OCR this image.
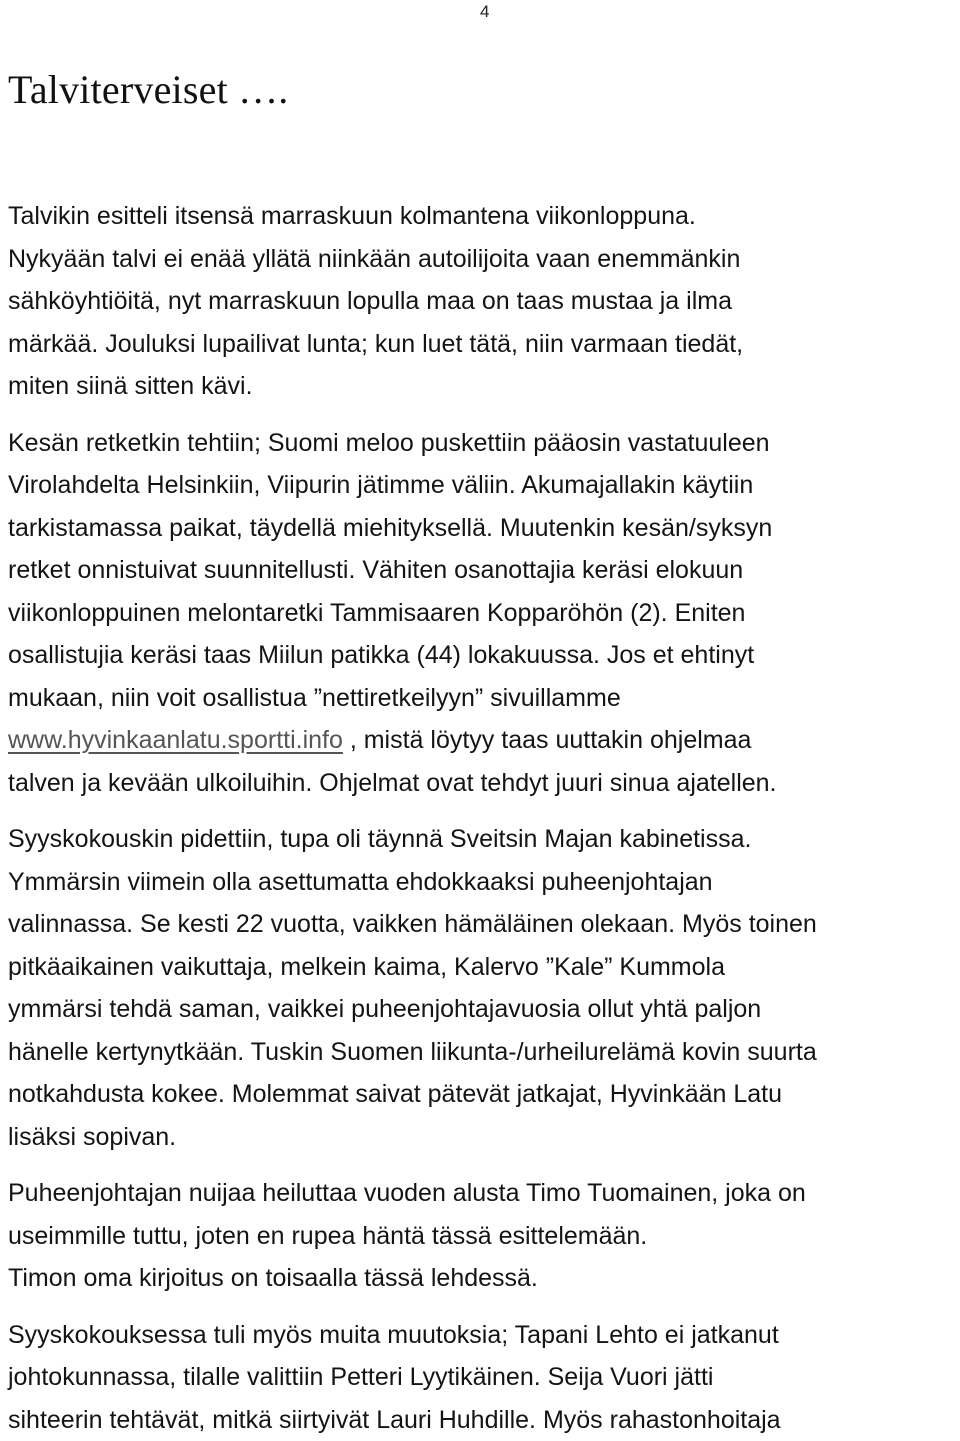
4
Talviterveiset ….

Talvikin esitteli itsensä marraskuun kolmantena viikonloppuna.
Nykyään talvi ei enää yllätä niinkään autoilijoita vaan enemmänkin
sähköyhtiöitä, nyt marraskuun lopulla maa on taas mustaa ja ilma
märkää. Jouluksi lupailivat lunta; kun luet tätä, niin varmaan tiedät,
miten siinä sitten kävi.

Kesän retketkin tehtiin; Suomi meloo puskettiin pääosin vastatuuleen
Virolahdelta Helsinkiin, Viipurin jätimme väliin. Akumajallakin käytiin
tarkistamassa paikat, täydellä miehityksellä. Muutenkin kesän/syksyn
retket onnistuivat suunnitellusti. Vähiten osanottajia keräsi elokuun
viikonloppuinen melontaretki Tammisaaren Kopparöhön (2). Eniten
osallistujia keräsi taas Miilun patikka (44) lokakuussa. Jos et ehtinyt
mukaan, niin voit osallistua ”nettiretkeilyyn” sivuillamme
www.hyvinkaanlatu.sportti.info , mistä löytyy taas uuttakin ohjelmaa
talven ja kevään ulkoiluihin. Ohjelmat ovat tehdyt juuri sinua ajatellen.

Syyskokouskin pidettiin, tupa oli täynnä Sveitsin Majan kabinetissa.
Ymmärsin viimein olla asettumatta ehdokkaaksi puheenjohtajan
valinnassa. Se kesti 22 vuotta, vaikken hämäläinen olekaan. Myös toinen
pitkäaikainen vaikuttaja, melkein kaima, Kalervo ”Kale” Kummola
ymmärsi tehdä saman, vaikkei puheenjohtajavuosia ollut yhtä paljon
hänelle kertynytkään. Tuskin Suomen liikunta-/urheilurelämä kovin suurta
notkahdusta kokee. Molemmat saivat pätevät jatkajat, Hyvinkään Latu
lisäksi sopivan.

Puheenjohtajan nuijaa heiluttaa vuoden alusta Timo Tuomainen, joka on
useimmille tuttu, joten en rupea häntä tässä esittelemään.
Timon oma kirjoitus on toisaalla tässä lehdessä.

Syyskokouksessa tuli myös muita muutoksia; Tapani Lehto ei jatkanut
johtokunnassa, tilalle valittiin Petteri Lyytikäinen. Seija Vuori jätti
sihteerin tehtävät, mitkä siirtyivät Lauri Huhdille. Myös rahastonhoitaja
